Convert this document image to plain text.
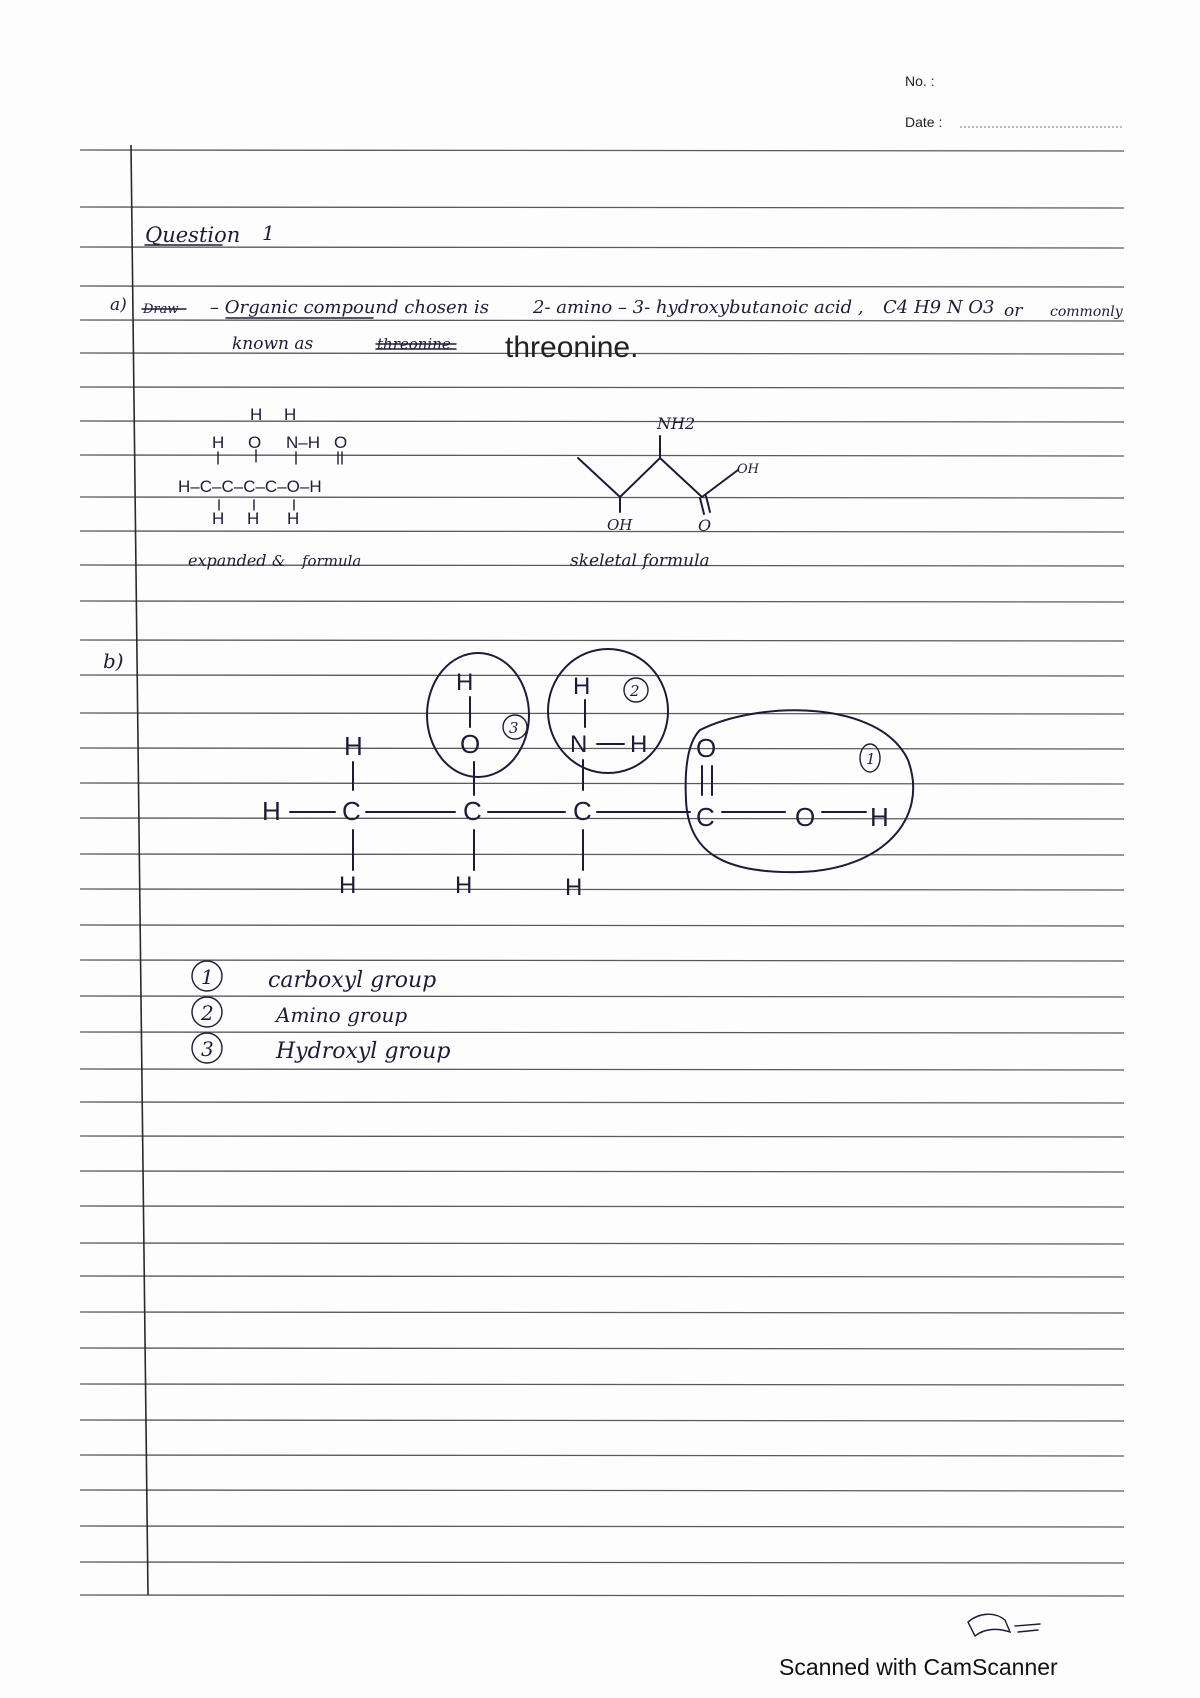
No. :
Date :
Question 1
a) Draw – Organic compound chosen is 2- amino – 3- hydroxybutanoic acid , C4 H9 N O3 or commonly
known as	threonine threonine.
H H
H O N–H O
H–C–C–C–C–O–H
H H H
expanded & formula
NH2
OH
OH	O
skeletal formula
b)
H
H
C	C	C
H
O
H
N H O
C	O H
H	H	H
3
2
1
1
2
3
carboxyl group
Amino group
Hydroxyl group

Scanned with CamScanner
